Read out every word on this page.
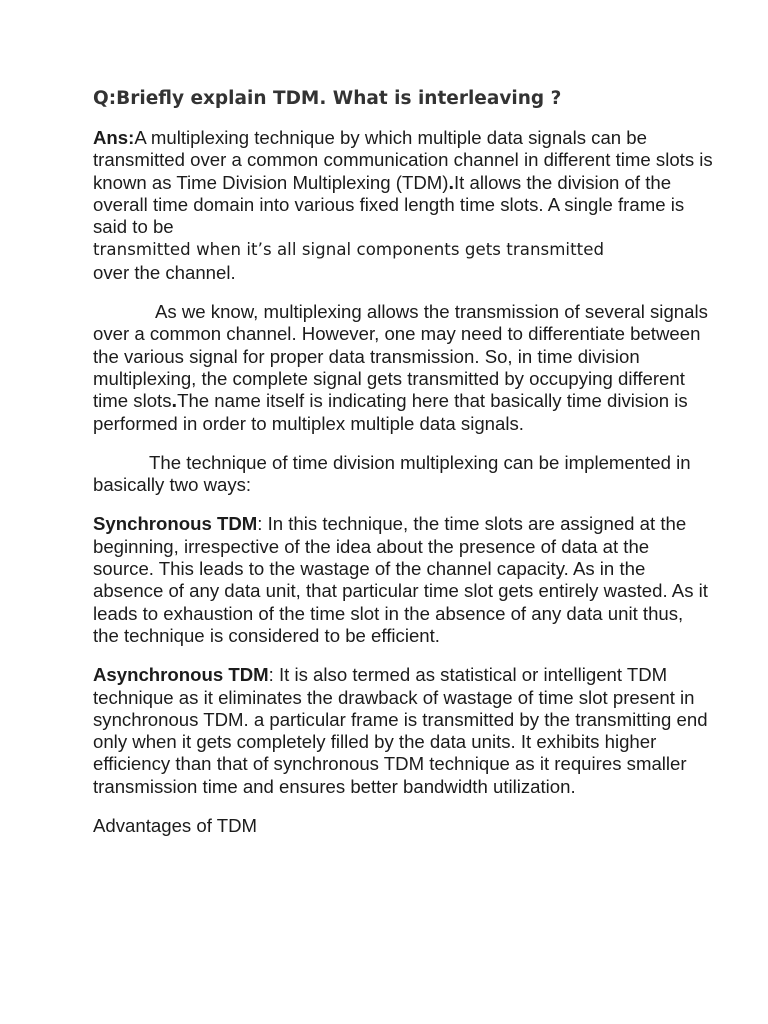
Q:Briefly explain TDM. What is interleaving ?

Ans:A multiplexing technique by which multiple data signals can be transmitted over a common communication channel in different time slots is known as Time Division Multiplexing (TDM).It allows the division of the overall time domain into various fixed length time slots. A single frame is said to be
transmitted when it’s all signal components gets transmitted
over the channel.

As we know, multiplexing allows the transmission of several signals over a common channel. However, one may need to differentiate between the various signal for proper data transmission. So, in time division multiplexing, the complete signal gets transmitted by occupying different time slots.The name itself is indicating here that basically time division is performed in order to multiplex multiple data signals.

The technique of time division multiplexing can be implemented in basically two ways:

Synchronous TDM: In this technique, the time slots are assigned at the beginning, irrespective of the idea about the presence of data at the source. This leads to the wastage of the channel capacity. As in the absence of any data unit, that particular time slot gets entirely wasted. As it leads to exhaustion of the time slot in the absence of any data unit thus, the technique is considered to be efficient.

Asynchronous TDM: It is also termed as statistical or intelligent TDM technique as it eliminates the drawback of wastage of time slot present in synchronous TDM. a particular frame is transmitted by the transmitting end only when it gets completely filled by the data units. It exhibits higher efficiency than that of synchronous TDM technique as it requires smaller transmission time and ensures better bandwidth utilization.

Advantages of TDM
